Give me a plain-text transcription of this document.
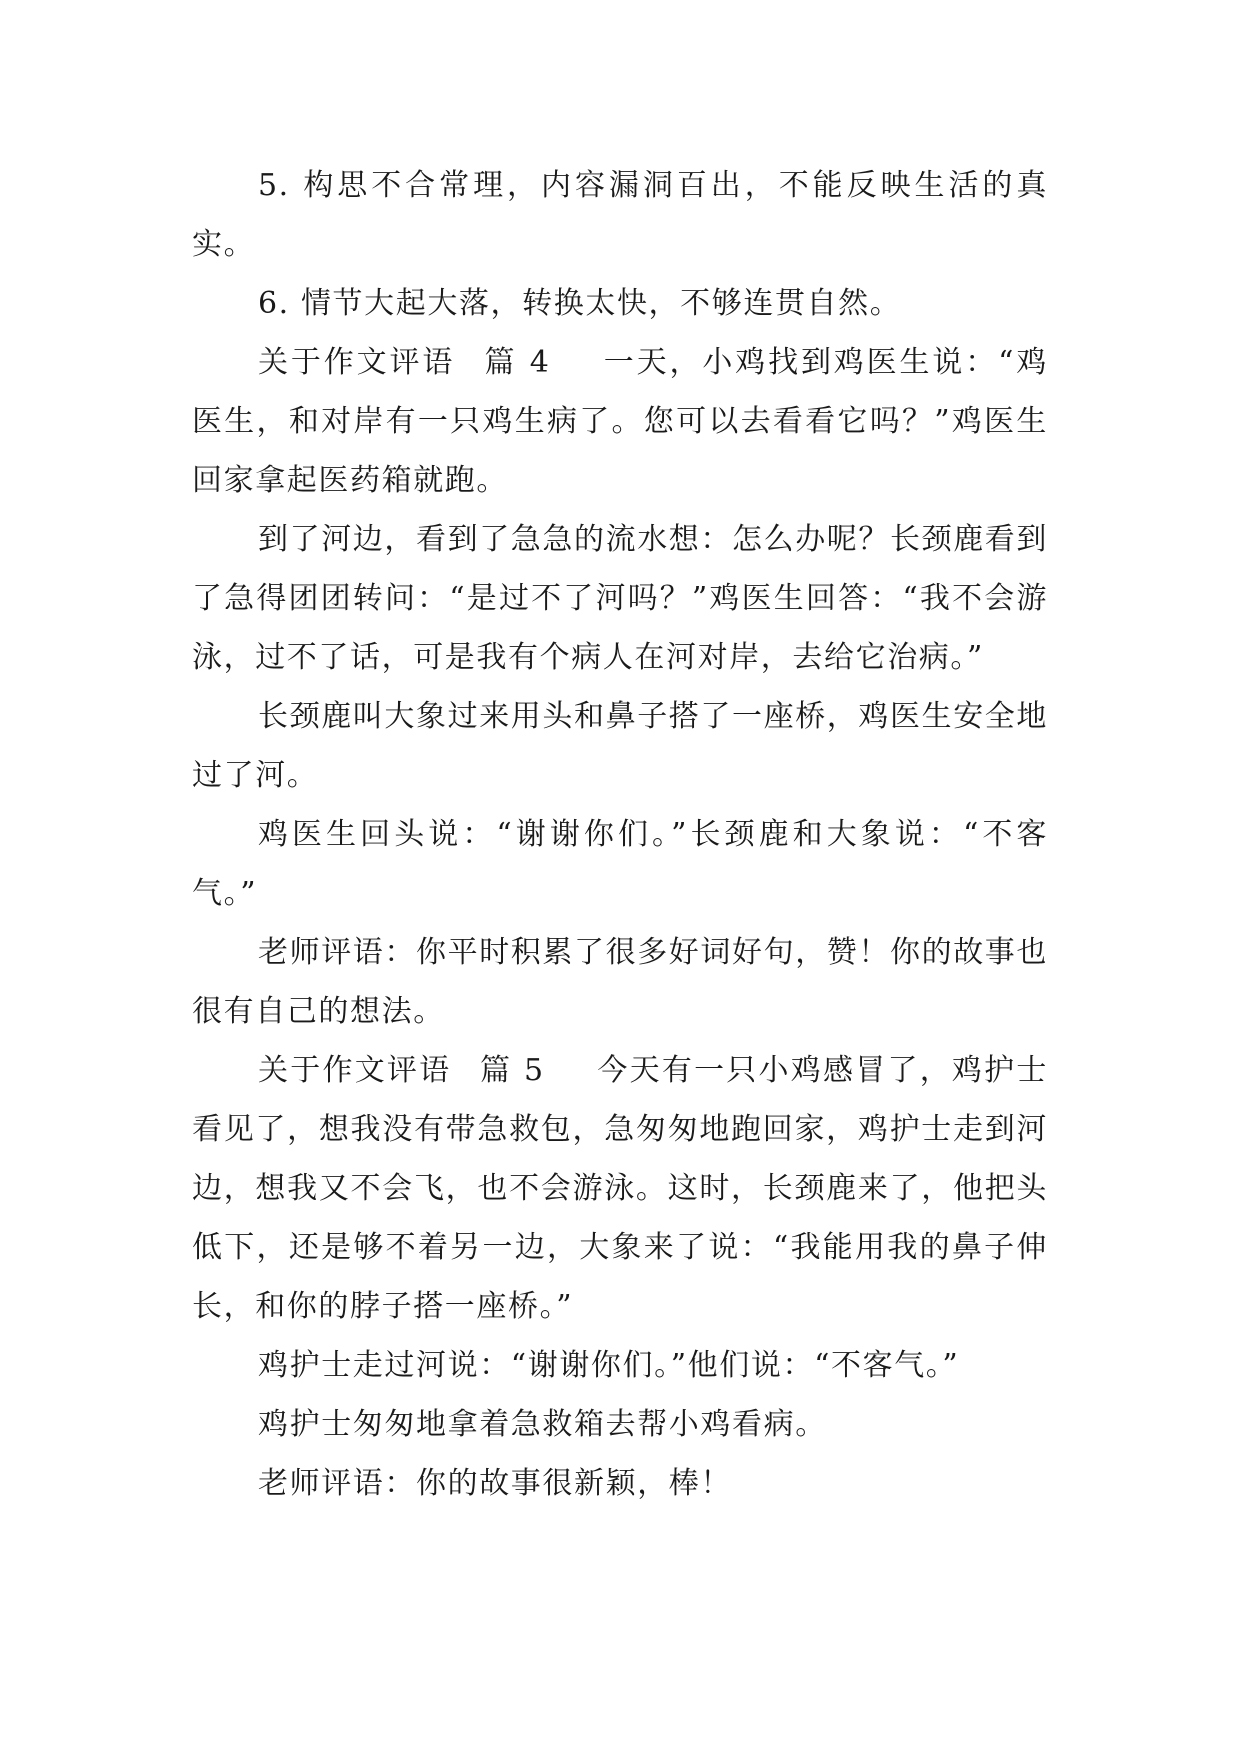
5. 构思不合常理，内容漏洞百出，不能反映生活的真实。

6. 情节大起大落，转换太快，不够连贯自然。

关于作文评语 篇 4 一天，小鸡找到鸡医生说：“鸡医生，和对岸有一只鸡生病了。您可以去看看它吗？”鸡医生回家拿起医药箱就跑。

到了河边，看到了急急的流水想：怎么办呢？长颈鹿看到了急得团团转问：“是过不了河吗？”鸡医生回答：“我不会游泳，过不了话，可是我有个病人在河对岸，去给它治病。”

长颈鹿叫大象过来用头和鼻子搭了一座桥，鸡医生安全地过了河。

鸡医生回头说：“谢谢你们。”长颈鹿和大象说：“不客气。”

老师评语：你平时积累了很多好词好句，赞！你的故事也很有自己的想法。

关于作文评语 篇 5 今天有一只小鸡感冒了，鸡护士看见了，想我没有带急救包，急匆匆地跑回家，鸡护士走到河边，想我又不会飞，也不会游泳。这时，长颈鹿来了，他把头低下，还是够不着另一边，大象来了说：“我能用我的鼻子伸长，和你的脖子搭一座桥。”

鸡护士走过河说：“谢谢你们。”他们说：“不客气。”

鸡护士匆匆地拿着急救箱去帮小鸡看病。

老师评语：你的故事很新颖，棒！
